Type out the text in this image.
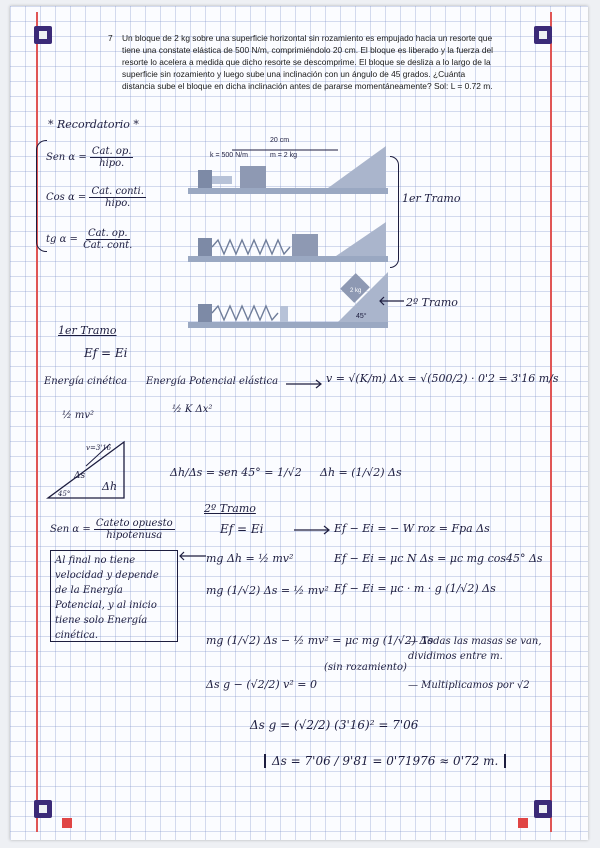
7	Un bloque de 2 kg sobre una superficie horizontal sin rozamiento es empujado hacia un resorte que tiene una constate elástica de 500 N/m, comprimiéndolo 20 cm. El bloque es liberado y la fuerza del resorte lo acelera a medida que dicho resorte se descomprime. El bloque se desliza a lo largo de la superficie sin rozamiento y luego sube una inclinación con un ángulo de 45 grados. ¿Cuánta distancia sube el bloque en dicha inclinación antes de pararse momentáneamente? Sol: L = 0.72 m.
* Recordatorio *
Sen $\alpha = \frac{\text{Cat. op.}}{\text{hipo.}}$
Cos $\alpha = \frac{\text{Cat. conti.}}{\text{hipo.}}$
tg $\alpha = \frac{\text{Cat. op.}}{\text{Cat. cont.}}$
k = 500 N/m	m = 2 kg
20 cm
2 kg
45°
1er Tramo
2º Tramo
1er Tramo
Ef = Ei
Energía cinética Energía Potencial elástica
½ mv²
½ K Δx²
v = √(K/m) Δx = √(500/2) · 0'2 = 3'16 m/s
Δs
45°
v=3'16
Δh
Δh/Δs = sen 45° = 1/√2 Δh = (1/√2) Δs
Sen $\alpha = \frac{\text{Cateto opuesto}}{\text{hipotenusa}}$
Al final no tiene velocidad y depende de la Energía Potencial, y al inicio tiene solo Energía cinética.
2º Tramo
Ef = Ei
mg Δh = ½ mv²
mg (1/√2) Δs = ½ mv²
Ef − Ei = − W roz = Fpa Δs
Ef − Ei = μc N Δs = μc mg cos45° Δs
Ef − Ei = μc · m · g (1/√2) Δs
mg (1/√2) Δs − ½ mv² = μc mg (1/√2) Δs
— Todas las masas se van, dividimos entre m.
Δs g − (√2/2) v² = 0
(sin rozamiento)
— Multiplicamos por √2
Δs g = (√2/2) (3'16)² = 7'06
Δs = 7'06 / 9'81 = 0'71976 ≈ 0'72 m.
